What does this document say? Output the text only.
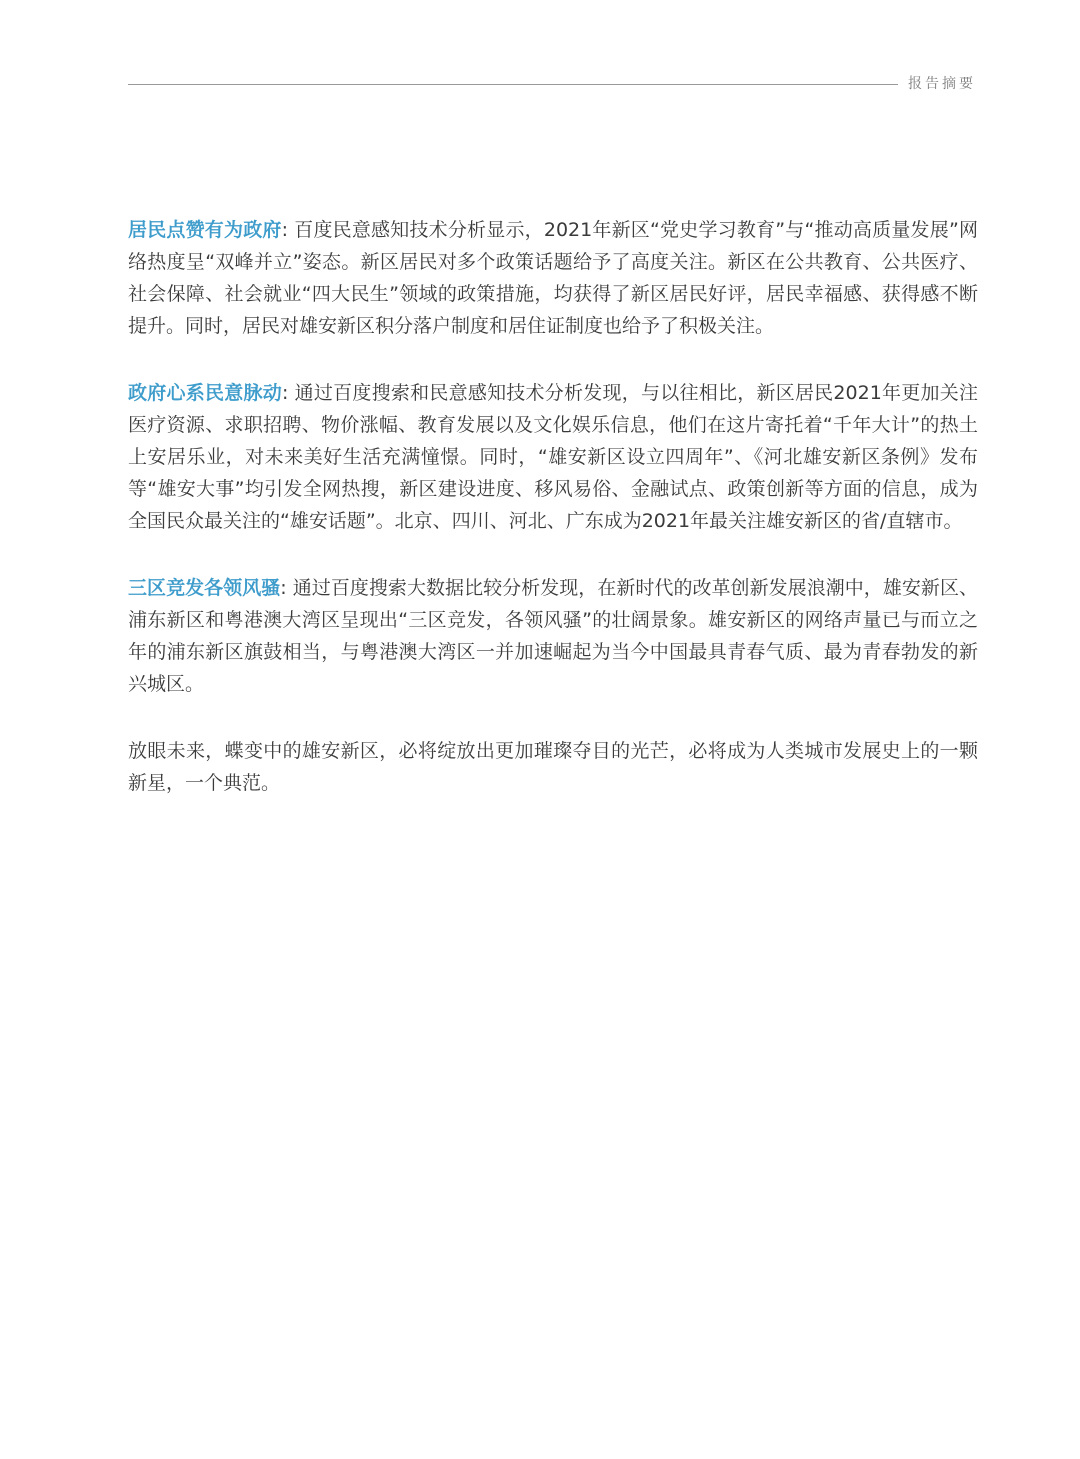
报告摘要

居民点赞有为政府: 百度民意感知技术分析显示，2021年新区“党史学习教育”与“推动高质量发展”网络热度呈“双峰并立”姿态。新区居民对多个政策话题给予了高度关注。新区在公共教育、公共医疗、社会保障、社会就业“四大民生”领域的政策措施，均获得了新区居民好评，居民幸福感、获得感不断提升。同时，居民对雄安新区积分落户制度和居住证制度也给予了积极关注。

政府心系民意脉动: 通过百度搜索和民意感知技术分析发现，与以往相比，新区居民2021年更加关注医疗资源、求职招聘、物价涨幅、教育发展以及文化娱乐信息，他们在这片寄托着“千年大计”的热土上安居乐业，对未来美好生活充满憧憬。同时，“雄安新区设立四周年”、《河北雄安新区条例》发布等“雄安大事”均引发全网热搜，新区建设进度、移风易俗、金融试点、政策创新等方面的信息，成为全国民众最关注的“雄安话题”。北京、四川、河北、广东成为2021年最关注雄安新区的省/直辖市。

三区竞发各领风骚: 通过百度搜索大数据比较分析发现，在新时代的改革创新发展浪潮中，雄安新区、浦东新区和粤港澳大湾区呈现出“三区竞发，各领风骚”的壮阔景象。雄安新区的网络声量已与而立之年的浦东新区旗鼓相当，与粤港澳大湾区一并加速崛起为当今中国最具青春气质、最为青春勃发的新兴城区。

放眼未来，蝶变中的雄安新区，必将绽放出更加璀璨夺目的光芒，必将成为人类城市发展史上的一颗新星，一个典范。
